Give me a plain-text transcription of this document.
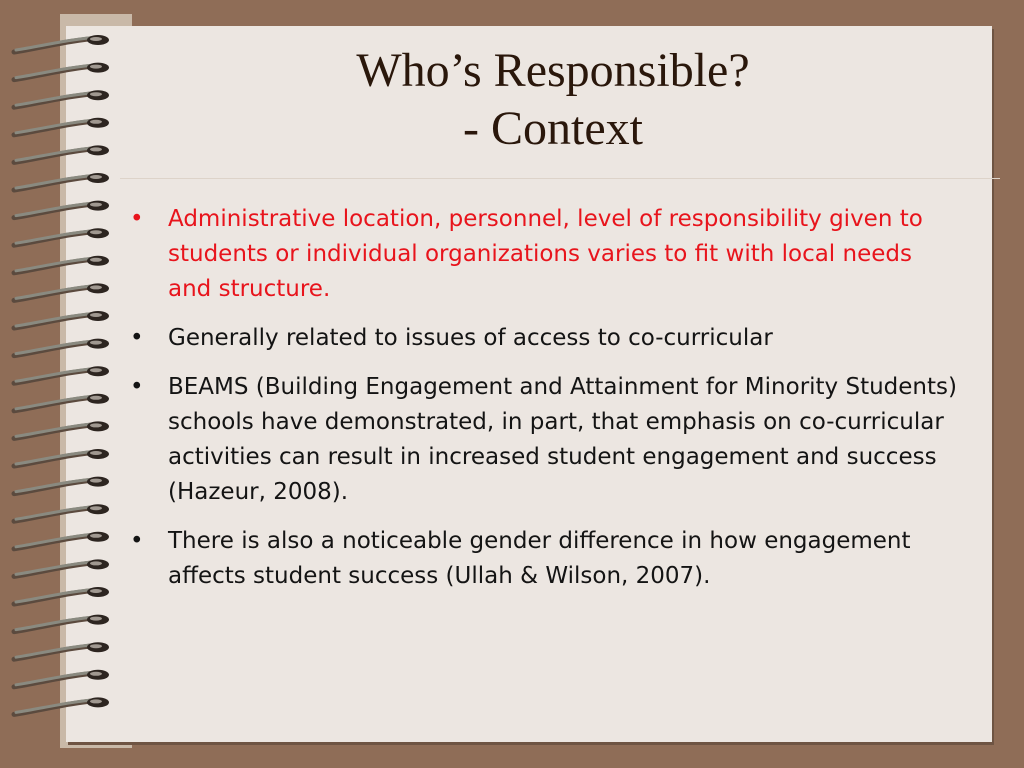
Who’s Responsible?
- Context
• Administrative location, personnel, level of responsibility given to students or individual organizations varies to fit with local needs and structure.
• Generally related to issues of access to co-curricular
• BEAMS (Building Engagement and Attainment for Minority Students) schools have demonstrated, in part, that emphasis on co-curricular activities can result in increased student engagement and success (Hazeur, 2008).
• There is also a noticeable gender difference in how engagement affects student success (Ullah & Wilson, 2007).
